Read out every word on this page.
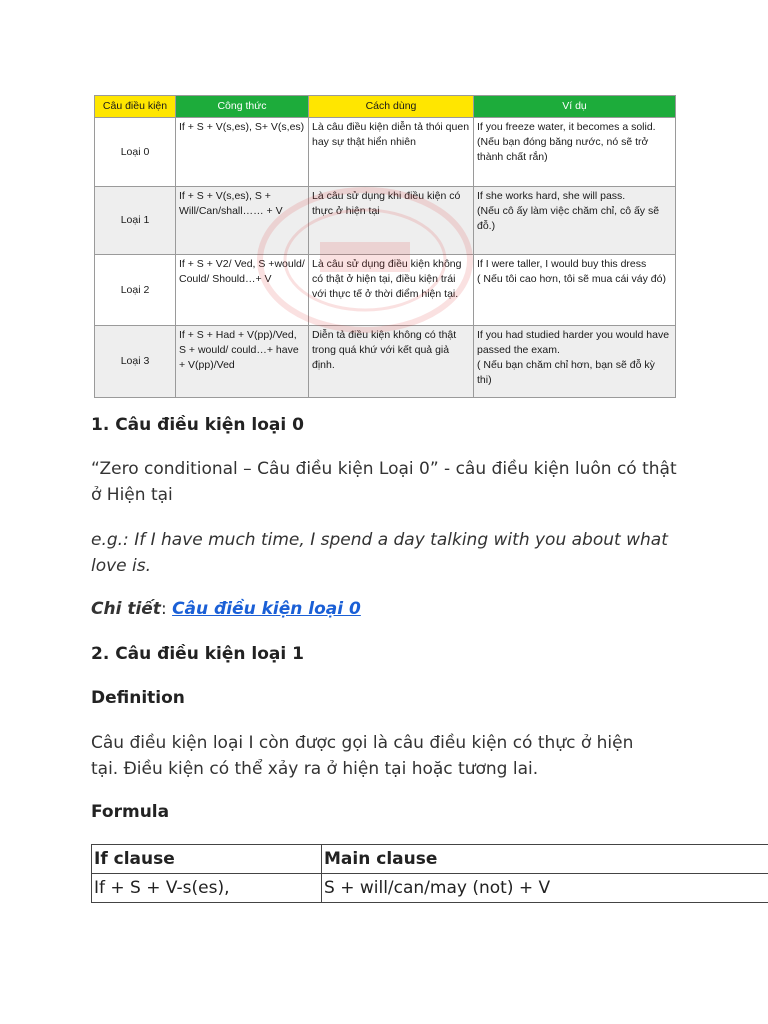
Câu điều kiện	Công thức	Cách dùng	Ví dụ
Loại 0	If + S + V(s,es), S+ V(s,es)	Là câu điều kiện diễn tả thói quen hay sự thật hiển nhiên	If you freeze water, it becomes a solid.
(Nếu bạn đóng băng nước, nó sẽ trở thành chất rắn)
Loại 1	If + S + V(s,es), S + Will/Can/shall…… + V	Là câu sử dụng khi điều kiện có thực ở hiện tại	If she works hard, she will pass.
(Nếu cô ấy làm việc chăm chỉ, cô ấy sẽ đỗ.)
Loại 2	If + S + V2/ Ved, S +would/ Could/ Should…+ V	Là câu sử dụng điều kiện không có thật ở hiện tại, điều kiện trái với thực tế ở thời điểm hiện tại.	If I were taller, I would buy this dress
( Nếu tôi cao hơn, tôi sẽ mua cái váy đó)
Loại 3	If + S + Had + V(pp)/Ved, S + would/ could…+ have + V(pp)/Ved	Diễn tả điều kiện không có thật trong quá khứ với kết quả giả định.	If you had studied harder you would have passed the exam.
( Nếu bạn chăm chỉ hơn, bạn sẽ đỗ kỳ thi)

1. Câu điều kiện loại 0

“Zero conditional – Câu điều kiện Loại 0” - câu điều kiện luôn có thật ở Hiện tại

e.g.: If I have much time, I spend a day talking with you about what love is.

Chi tiết: Câu điều kiện loại 0

2. Câu điều kiện loại 1

Definition

Câu điều kiện loại I còn được gọi là câu điều kiện có thực ở hiện tại. Điều kiện có thể xảy ra ở hiện tại hoặc tương lai.

Formula

If clause	Main clause
If + S + V-s(es),	S + will/can/may (not) + V
